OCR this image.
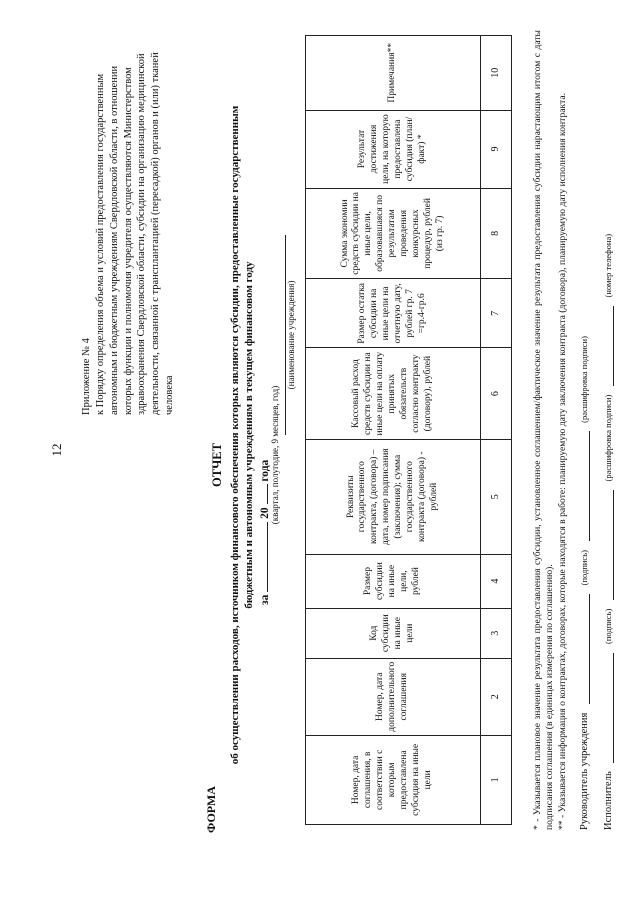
12
Приложение № 4 к Порядку определения объема и условий предоставления государственным автономным и бюджетным учреждениям Свердловской области, в отношении которых функции и полномочия учредителя осуществляются Министерством здравоохранения Свердловской области, субсидии на организацию медицинской деятельности, связанной с трансплантацией (пересадкой) органов и (или) тканей человека
ФОРМА
ОТЧЕТ об осуществлении расходов, источником финансового обеспечения которых являются субсидии, предоставленные государственным бюджетным и автономным учреждениям в текущем финансовом году за  20  года (квартал, полугодие, 9 месяцев, год)
(наименование учреждения)
Номер, дата соглашения, в соответствии с которым предоставлена субсидия на иные цели	Номер, дата дополнительного соглашения	Код субсидии на иные цели	Размер субсидии на иные цели, рублей	Реквизиты государственного контракта, (договора) – дата, номер подписания (заключения); сумма государственного контракта (договора) - рублей	Кассовый расход средств субсидии на иные цели на оплату принятых обязательств согласно контракту (договору), рублей	Размер остатка субсидии на иные цели на отчетную дату, рублей гр. 7 =гр.4-гр.6	Сумма экономии средств субсидии на иные цели, образовавшаяся по результатам проведения конкурсных процедур, рублей (из гр. 7)	Результат достижения цели, на которую предоставлена субсидия (план/факт) *	Примечания**
1	2	3	4	5	6	7	8	9	10	* - Указывается плановое значение результата предоставления субсидии, установленное соглашением/фактическое значение результата предоставления субсидии нарастающим итогом с даты подписания соглашения (в единицах измерения по соглашению). ** - Указывается информация о контрактах, договорах, которые находятся в работе: планируемую дату заключения контракта (договора), планируемую дату исполнения контракта. Руководитель учреждения  (подпись)  (расшифровка подписи)
Исполнитель  (подпись)  (расшифровка подписи)  (номер телефона)
